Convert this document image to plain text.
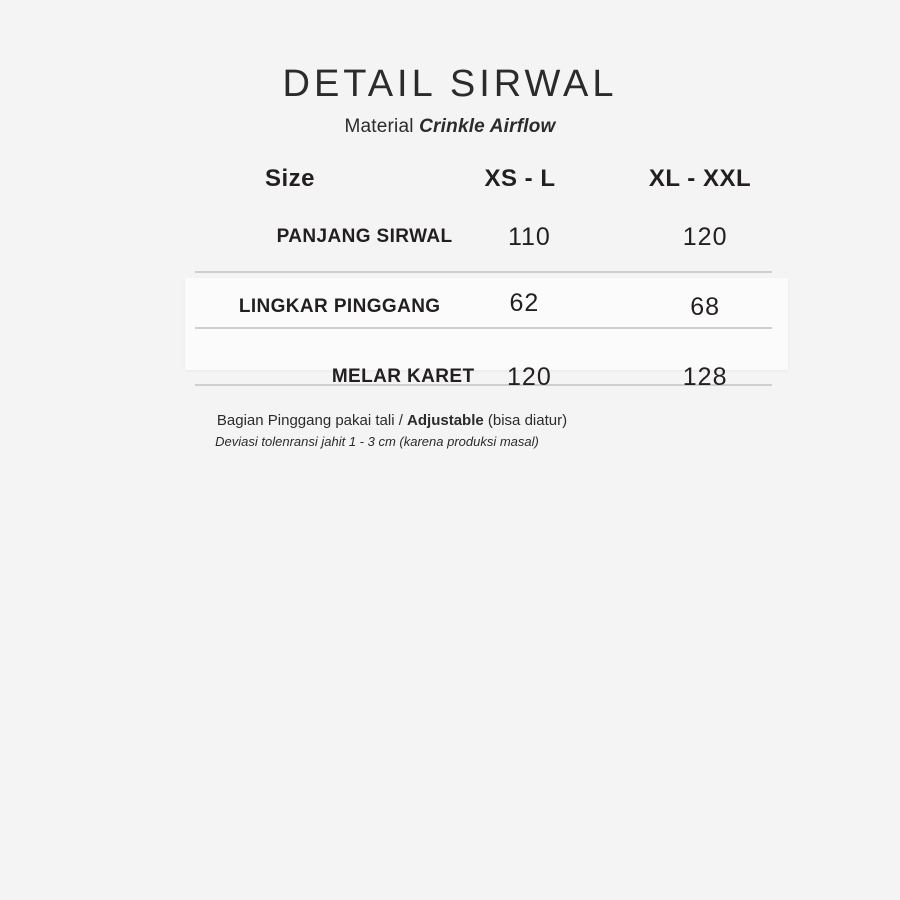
DETAIL SIRWAL
Material Crinkle Airflow
Size	XS - L	XL - XXL
PANJANG SIRWAL	110	120
LINGKAR PINGGANG	62	68
MELAR KARET	120	128
Bagian Pinggang pakai tali / Adjustable (bisa diatur)
Deviasi tolenransi jahit 1 - 3 cm (karena produksi masal)
